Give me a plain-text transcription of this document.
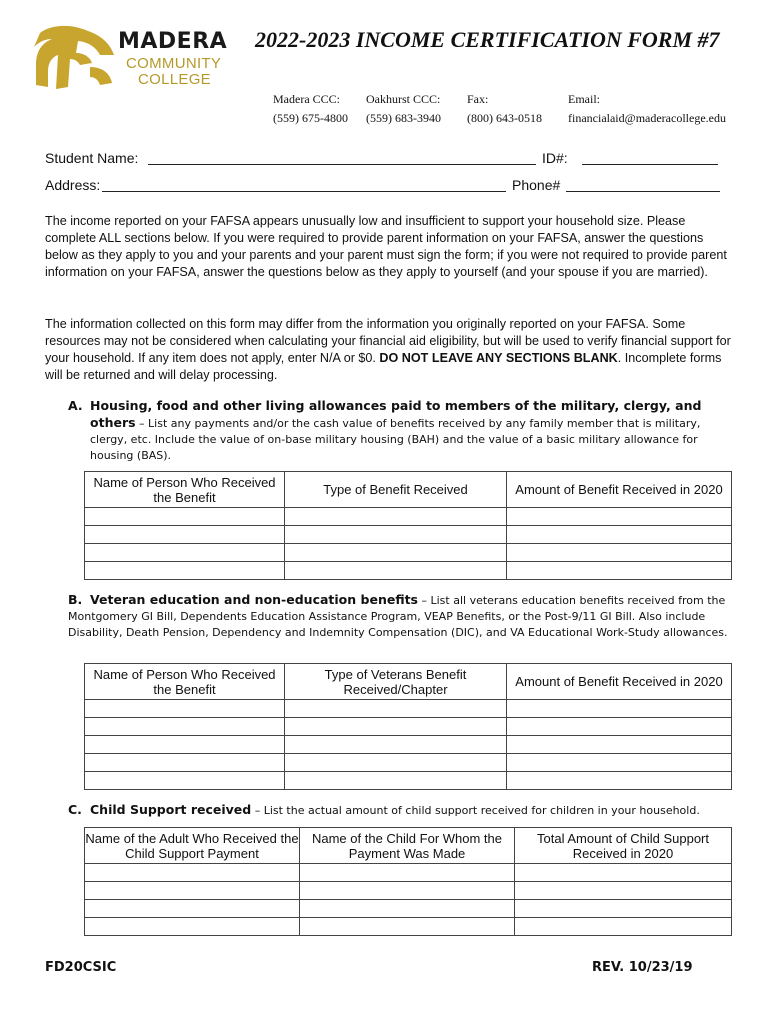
MADERA
COMMUNITY
COLLEGE
2022-2023 INCOME CERTIFICATION FORM #7
Madera CCC:
(559) 675-4800
Oakhurst CCC:
(559) 683-3940
Fax:
(800) 643-0518
Email:
financialaid@maderacollege.edu
Student Name:	ID#:
Address:	Phone#
The income reported on your FAFSA appears unusually low and insufficient to support your household size. Please complete ALL sections below. If you were required to provide parent information on your FAFSA, answer the questions below as they apply to you and your parents and your parent must sign the form; if you were not required to provide parent information on your FAFSA, answer the questions below as they apply to yourself (and your spouse if you are married).
The information collected on this form may differ from the information you originally reported on your FAFSA. Some resources may not be considered when calculating your financial aid eligibility, but will be used to verify financial support for your household. If any item does not apply, enter N/A or $0. DO NOT LEAVE ANY SECTIONS BLANK. Incomplete forms will be returned and will delay processing.
A. Housing, food and other living allowances paid to members of the military, clergy, and
others – List any payments and/or the cash value of benefits received by any family member that is military, clergy, etc. Include the value of on-base military housing (BAH) and the value of a basic military allowance for housing (BAS).
Name of Person Who Received the Benefit	Type of Benefit Received	Amount of Benefit Received in 2020

B. Veteran education and non-education benefits – List all veterans education benefits received from the Montgomery GI Bill, Dependents Education Assistance Program, VEAP Benefits, or the Post-9/11 GI Bill. Also include Disability, Death Pension, Dependency and Indemnity Compensation (DIC), and VA Educational Work-Study allowances.
Name of Person Who Received the Benefit	Type of Veterans Benefit Received/Chapter	Amount of Benefit Received in 2020

C. Child Support received – List the actual amount of child support received for children in your household.
Name of the Adult Who Received the Child Support Payment	Name of the Child For Whom the Payment Was Made	Total Amount of Child Support Received in 2020

FD20CSIC	REV. 10/23/19
